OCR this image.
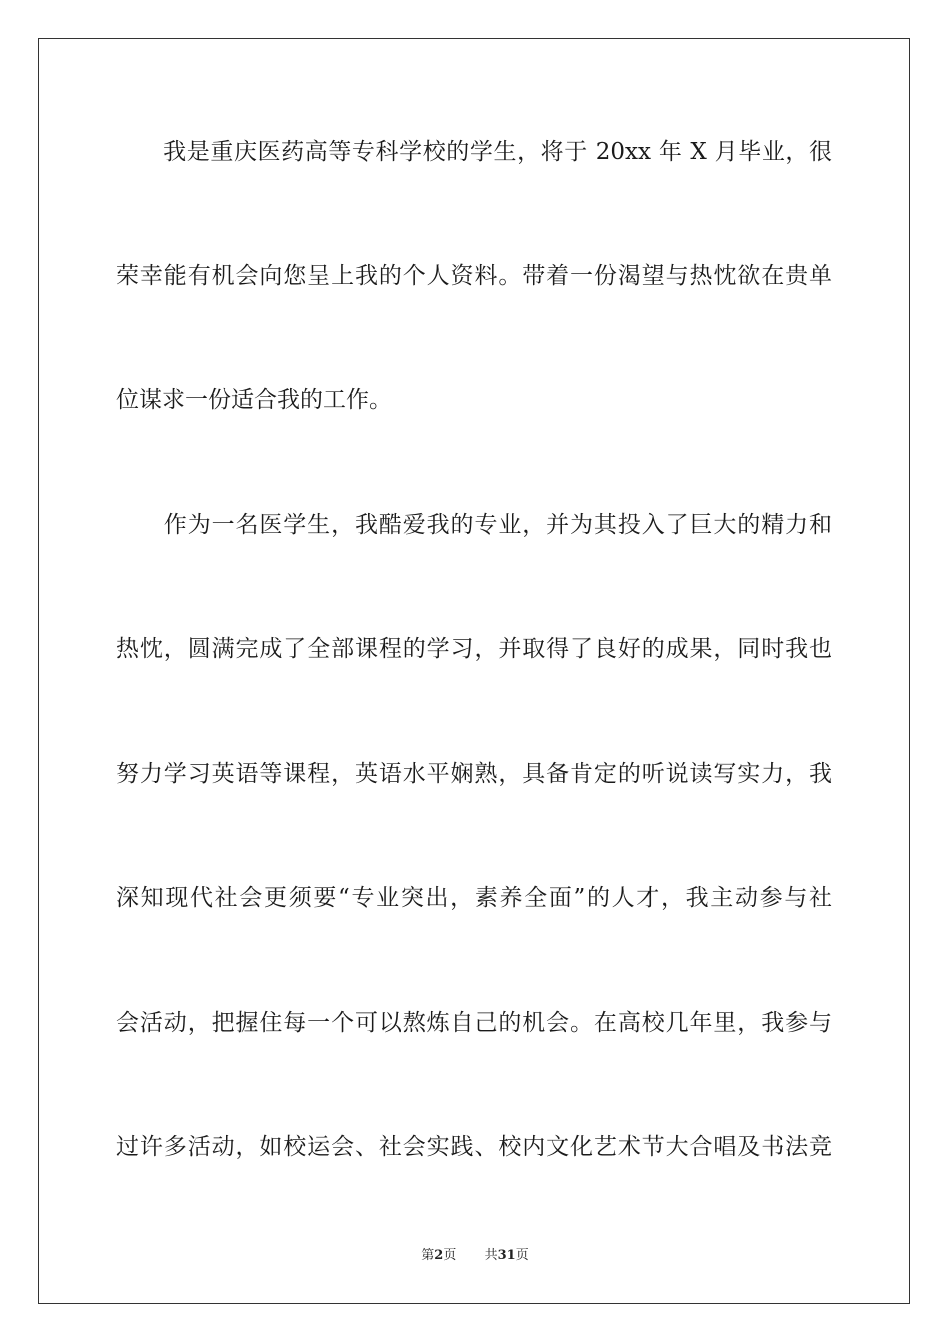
　　我是重庆医药高等专科学校的学生，将于 20xx 年 X 月毕业，很
荣幸能有机会向您呈上我的个人资料。带着一份渴望与热忱欲在贵单
位谋求一份适合我的工作。
　　作为一名医学生，我酷爱我的专业，并为其投入了巨大的精力和
热忱，圆满完成了全部课程的学习，并取得了良好的成果，同时我也
努力学习英语等课程，英语水平娴熟，具备肯定的听说读写实力，我
深知现代社会更须要“专业突出，素养全面”的人才，我主动参与社
会活动，把握住每一个可以熬炼自己的机会。在高校几年里，我参与
过许多活动，如校运会、社会实践、校内文化艺术节大合唱及书法竞
第2页 共31页
